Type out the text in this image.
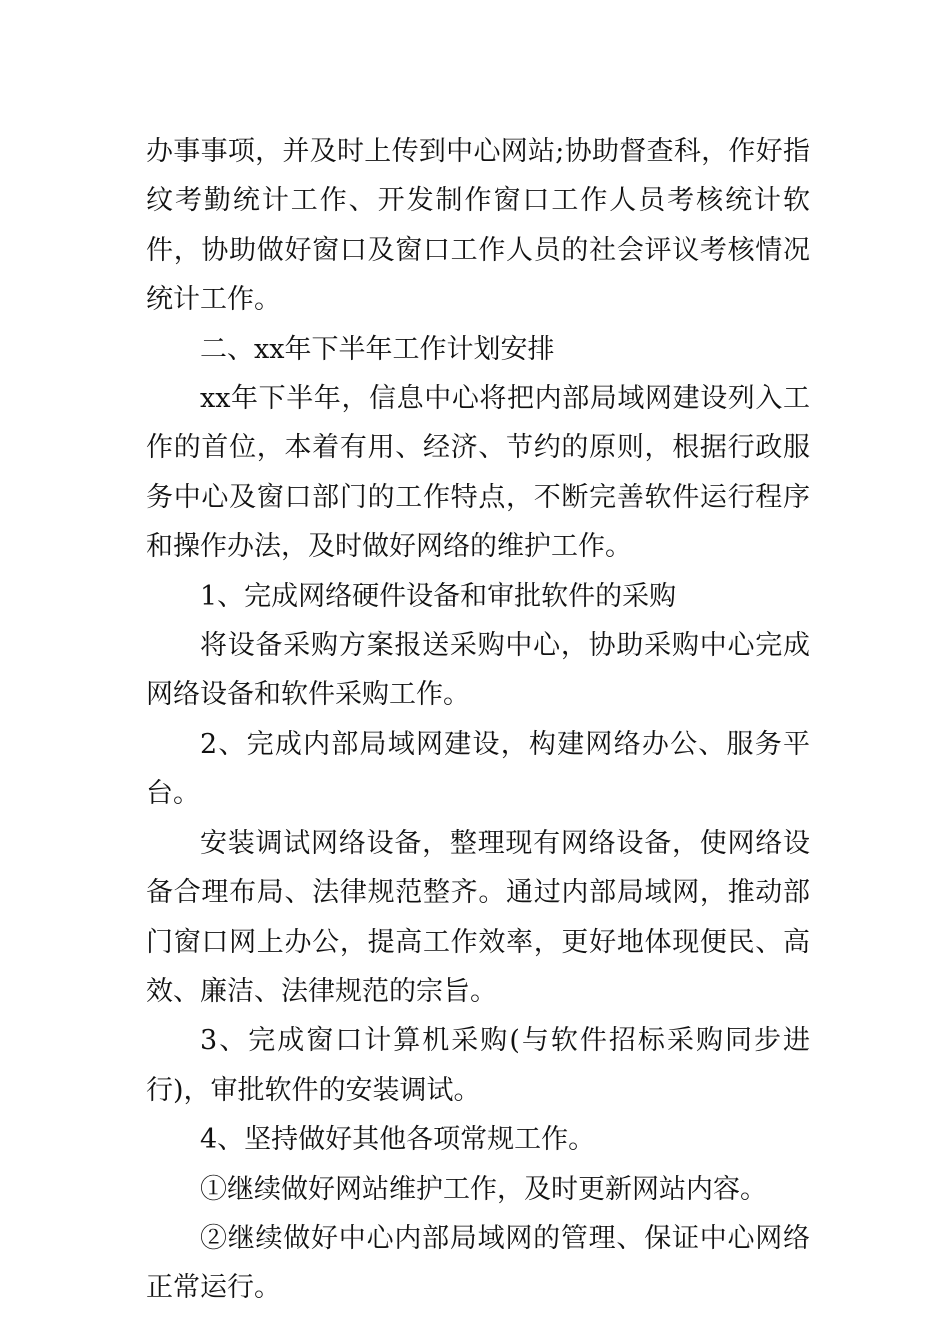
办事事项，并及时上传到中心网站;协助督查科，作好指纹考勤统计工作、开发制作窗口工作人员考核统计软件，协助做好窗口及窗口工作人员的社会评议考核情况统计工作。

二、xx年下半年工作计划安排

xx年下半年，信息中心将把内部局域网建设列入工作的首位，本着有用、经济、节约的原则，根据行政服务中心及窗口部门的工作特点，不断完善软件运行程序和操作办法，及时做好网络的维护工作。

1、完成网络硬件设备和审批软件的采购

将设备采购方案报送采购中心，协助采购中心完成网络设备和软件采购工作。

2、完成内部局域网建设，构建网络办公、服务平台。

安装调试网络设备，整理现有网络设备，使网络设备合理布局、法律规范整齐。通过内部局域网，推动部门窗口网上办公，提高工作效率，更好地体现便民、高效、廉洁、法律规范的宗旨。

3、完成窗口计算机采购(与软件招标采购同步进行)，审批软件的安装调试。

4、坚持做好其他各项常规工作。

①继续做好网站维护工作，及时更新网站内容。

②继续做好中心内部局域网的管理、保证中心网络正常运行。
